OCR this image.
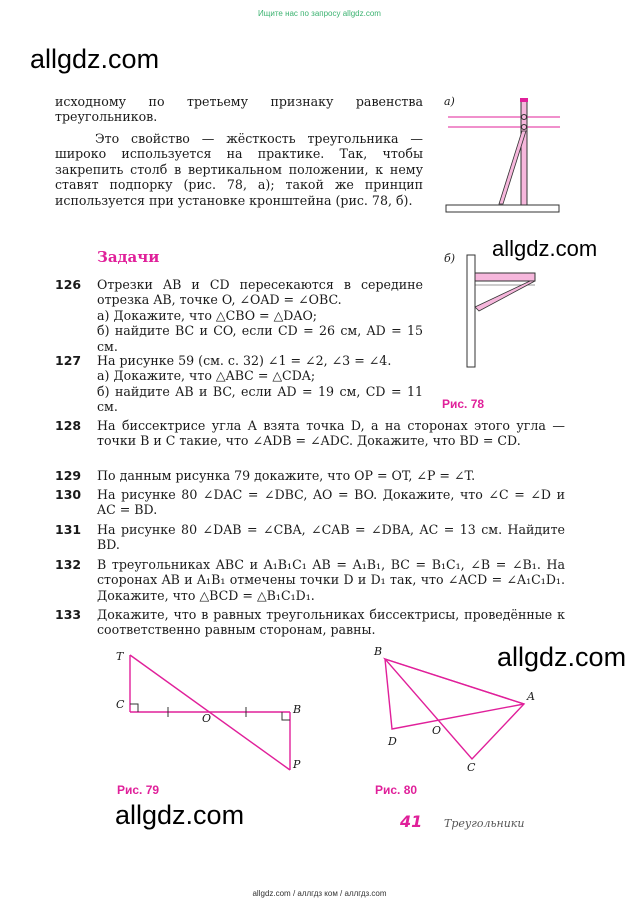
Ищите нас по запросу allgdz.com
allgdz.com
allgdz.com
allgdz.com
allgdz.com
исходному по третьему признаку равенства треугольников.
Это свойство — жёсткость треугольника — широко используется на практике. Так, чтобы закрепить столб в вертикальном положении, к нему ставят подпорку (рис. 78, а); такой же принцип используется при установке кронштейна (рис. 78, б).
Задачи
126 Отрезки AB и CD пересекаются в середине отрезка AB, точке O, ∠OAD = ∠OBC.
а) Докажите, что △CBO = △DAO;
б) найдите BC и CO, если CD = 26 см, AD = 15 см.
127 На рисунке 59 (см. с. 32) ∠1 = ∠2, ∠3 = ∠4.
а) Докажите, что △ABC = △CDA;
б) найдите AB и BC, если AD = 19 см, CD = 11 см.
128 На биссектрисе угла A взята точка D, а на сторонах этого угла — точки B и C такие, что ∠ADB = ∠ADC. Докажите, что BD = CD.
129 По данным рисунка 79 докажите, что OP = OT, ∠P = ∠T.
130 На рисунке 80 ∠DAC = ∠DBC, AO = BO. Докажите, что ∠C = ∠D и AC = BD.
131 На рисунке 80 ∠DAB = ∠CBA, ∠CAB = ∠DBA, AC = 13 см. Найдите BD.
132 В треугольниках ABC и A₁B₁C₁ AB = A₁B₁, BC = B₁C₁, ∠B = ∠B₁. На сторонах AB и A₁B₁ отмечены точки D и D₁ так, что ∠ACD = ∠A₁C₁D₁. Докажите, что △BCD = △B₁C₁D₁.
133 Докажите, что в равных треугольниках биссектрисы, проведённые к соответственно равным сторонам, равны.
а)
б)
Рис. 78
T
C
O
B
P
Рис. 79
B
A
O
D
C
Рис. 80
41 Треугольники
allgdz.com / аллгдз ком / аллгдз.com
